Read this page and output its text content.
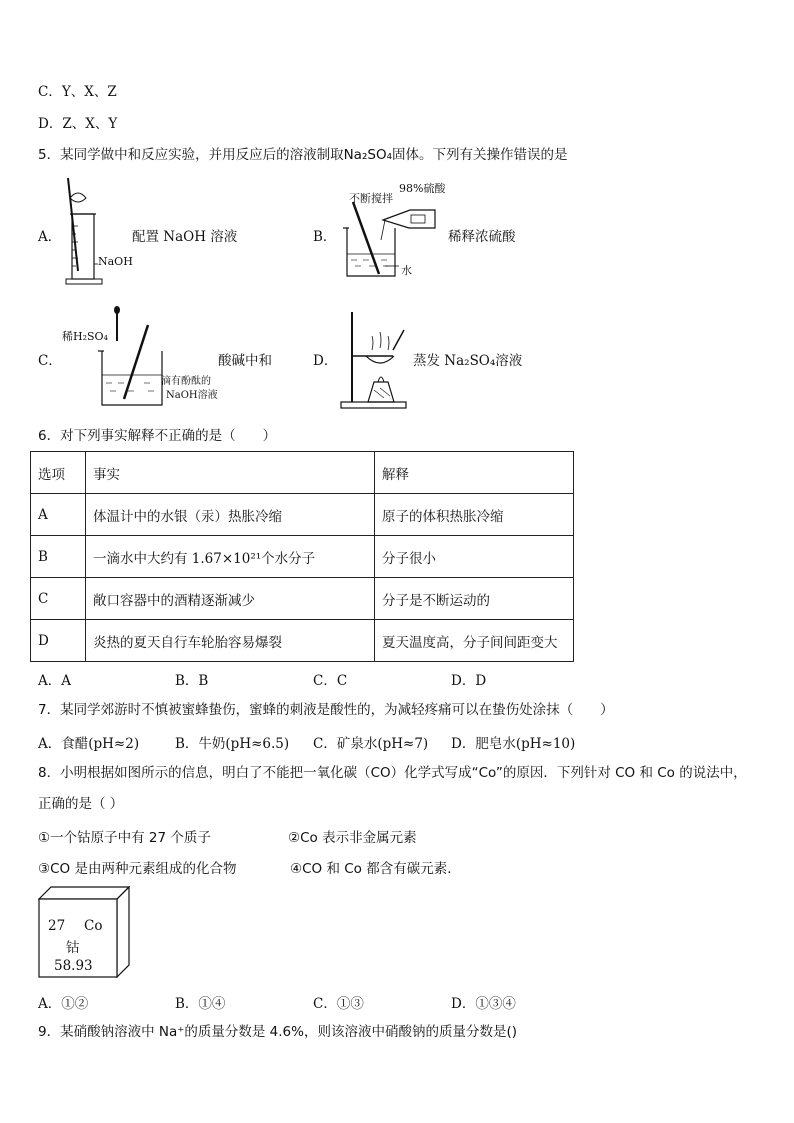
C．Y、X、Z
D．Z、X、Y
5．某同学做中和反应实验，并用反应后的溶液制取Na₂SO₄固体。下列有关操作错误的是
A．
NaOH
配置 NaOH 溶液	B．
不断搅拌
98%硫酸
水
稀释浓硫酸
C．
稀H₂SO₄
滴有酚酞的
NaOH溶液
酸碱中和	D．	蒸发 Na₂SO₄溶液
6．对下列事实解释不正确的是（　　）
选项	事实	解释
A	体温计中的水银（汞）热胀冷缩	原子的体积热胀冷缩
B	一滴水中大约有 1.67×10²¹个水分子	分子很小
C	敞口容器中的酒精逐渐减少	分子是不断运动的
D	炎热的夏天自行车轮胎容易爆裂	夏天温度高，分子间间距变大
A．A	B．B	C．C	D．D
7．某同学郊游时不慎被蜜蜂蛰伤，蜜蜂的刺液是酸性的，为减轻疼痛可以在蛰伤处涂抹（　　）
A．食醋(pH≈2)	B．牛奶(pH≈6.5) C．矿泉水(pH≈7) D．肥皂水(pH≈10)
8．小明根据如图所示的信息，明白了不能把一氧化碳（CO）化学式写成“Co”的原因．下列针对 CO 和 Co 的说法中，
正确的是（ ）
①一个钴原子中有 27 个质子	②Co 表示非金属元素
③CO 是由两种元素组成的化合物	④CO 和 Co 都含有碳元素．
27 Co
钴
58.93
A．①②	B．①④	C．①③	D．①③④
9．某硝酸钠溶液中 Na⁺的质量分数是 4.6%，则该溶液中硝酸钠的质量分数是()
